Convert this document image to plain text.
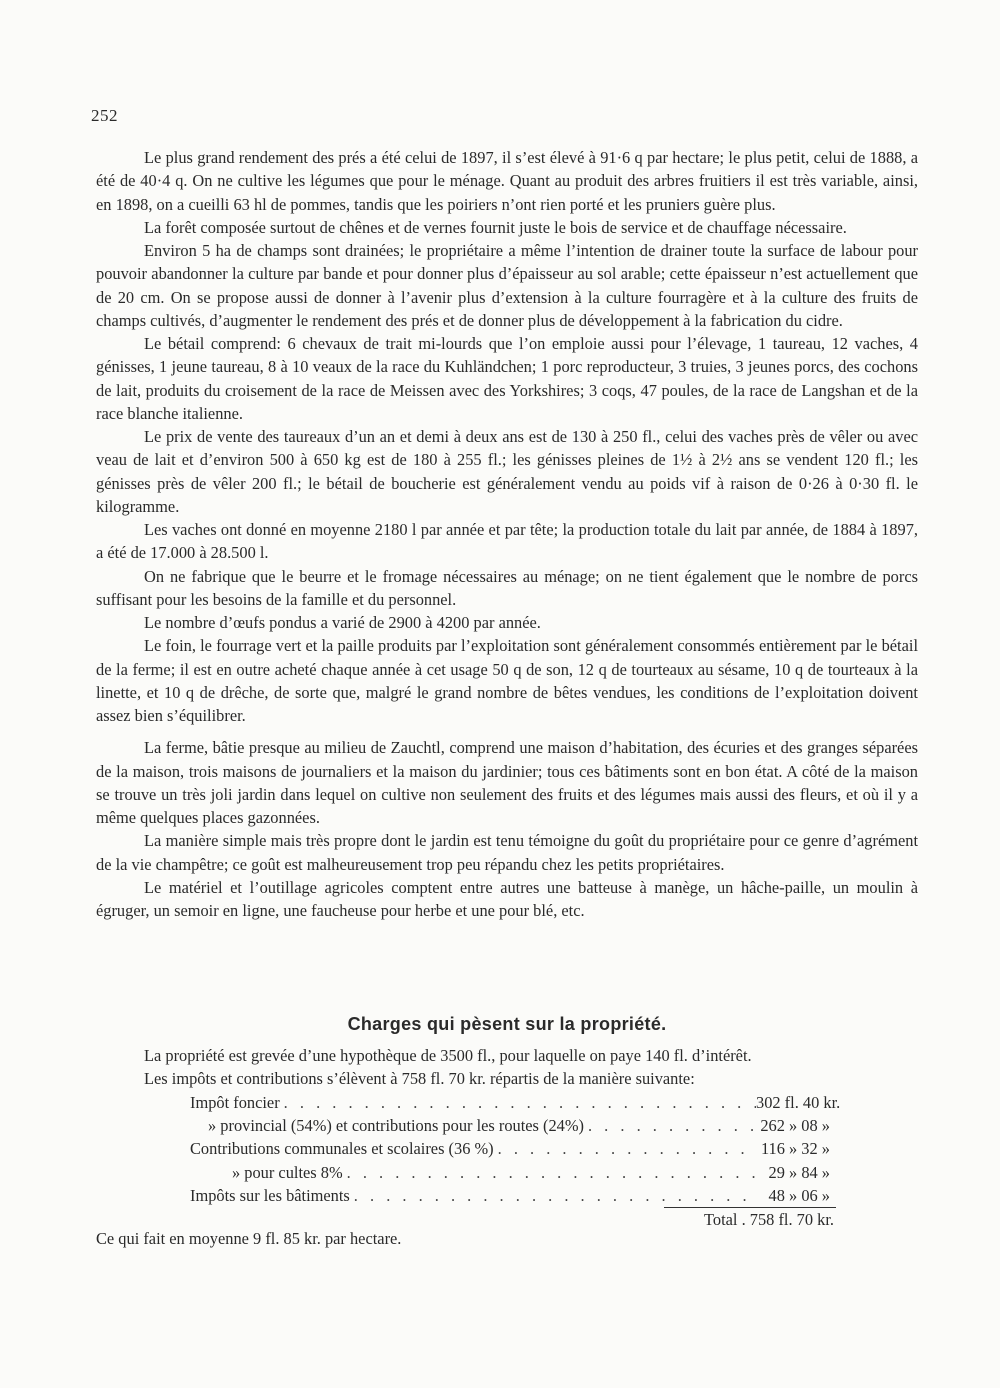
252

Le plus grand rendement des prés a été celui de 1897, il s’est élevé à 91·6 q par hectare; le plus petit, celui de 1888, a été de 40·4 q. On ne cultive les légumes que pour le ménage. Quant au produit des arbres fruitiers il est très variable, ainsi, en 1898, on a cueilli 63 hl de pommes, tandis que les poiriers n’ont rien porté et les pruniers guère plus.

La forêt composée surtout de chênes et de vernes fournit juste le bois de service et de chauffage nécessaire.

Environ 5 ha de champs sont drainées; le propriétaire a même l’intention de drainer toute la surface de labour pour pouvoir abandonner la culture par bande et pour donner plus d’épaisseur au sol arable; cette épaisseur n’est actuellement que de 20 cm. On se propose aussi de donner à l’avenir plus d’extension à la culture fourragère et à la culture des fruits de champs cultivés, d’augmenter le rendement des prés et de donner plus de développement à la fabrication du cidre.

Le bétail comprend: 6 chevaux de trait mi-lourds que l’on emploie aussi pour l’élevage, 1 taureau, 12 vaches, 4 génisses, 1 jeune taureau, 8 à 10 veaux de la race du Kuhländchen; 1 porc reproducteur, 3 truies, 3 jeunes porcs, des cochons de lait, produits du croisement de la race de Meissen avec des Yorkshires; 3 coqs, 47 poules, de la race de Langshan et de la race blanche italienne.

Le prix de vente des taureaux d’un an et demi à deux ans est de 130 à 250 fl., celui des vaches près de vêler ou avec veau de lait et d’environ 500 à 650 kg est de 180 à 255 fl.; les génisses pleines de 1½ à 2½ ans se vendent 120 fl.; les génisses près de vêler 200 fl.; le bétail de boucherie est généralement vendu au poids vif à raison de 0·26 à 0·30 fl. le kilogramme.

Les vaches ont donné en moyenne 2180 l par année et par tête; la production totale du lait par année, de 1884 à 1897, a été de 17.000 à 28.500 l.

On ne fabrique que le beurre et le fromage nécessaires au ménage; on ne tient également que le nombre de porcs suffisant pour les besoins de la famille et du personnel.

Le nombre d’œufs pondus a varié de 2900 à 4200 par année.

Le foin, le fourrage vert et la paille produits par l’exploitation sont généralement consommés entièrement par le bétail de la ferme; il est en outre acheté chaque année à cet usage 50 q de son, 12 q de tourteaux au sésame, 10 q de tourteaux à la linette, et 10 q de drêche, de sorte que, malgré le grand nombre de bêtes vendues, les conditions de l’exploitation doivent assez bien s’équilibrer.

La ferme, bâtie presque au milieu de Zauchtl, comprend une maison d’habitation, des écuries et des granges séparées de la maison, trois maisons de journaliers et la maison du jardinier; tous ces bâtiments sont en bon état. A côté de la maison se trouve un très joli jardin dans lequel on cultive non seulement des fruits et des légumes mais aussi des fleurs, et où il y a même quelques places gazonnées.

La manière simple mais très propre dont le jardin est tenu témoigne du goût du propriétaire pour ce genre d’agrément de la vie champêtre; ce goût est malheureusement trop peu répandu chez les petits propriétaires.

Le matériel et l’outillage agricoles comptent entre autres une batteuse à manège, un hâche-paille, un moulin à égruger, un semoir en ligne, une faucheuse pour herbe et une pour blé, etc.

Charges qui pèsent sur la propriété.

La propriété est grevée d’une hypothèque de 3500 fl., pour laquelle on paye 140 fl. d’intérêt.

Les impôts et contributions s’élèvent à 758 fl. 70 kr. répartis de la manière suivante:

Impôt foncier . . .	302 fl. 40 kr.
» provincial (54%) et contributions pour les routes (24%) . . .	262 » 08 »
Contributions communales et scolaires (36 %) . . .	116 » 32 »
» pour cultes 8% . . .	29 » 84 »
Impôts sur les bâtiments . . .	48 » 06 »
Total . 758 fl. 70 kr.
Ce qui fait en moyenne 9 fl. 85 kr. par hectare.
